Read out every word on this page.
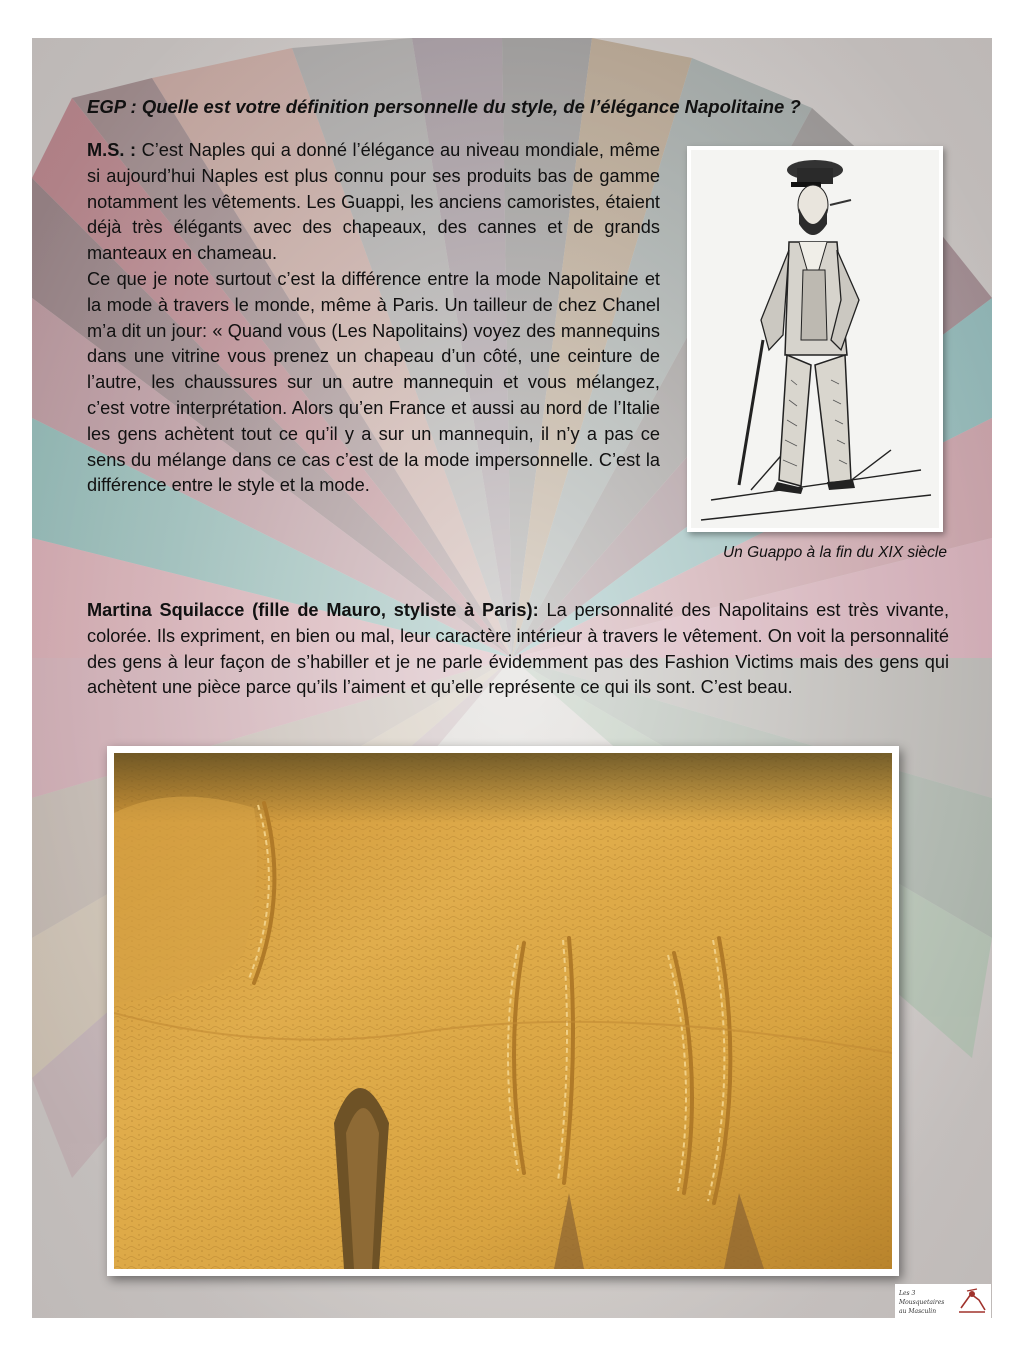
EGP : Quelle est votre définition personnelle du style, de l’élégance Napolitaine ?

M.S. : C’est Naples qui a donné l’élégance au niveau mondiale, même si aujourd’hui Naples est plus connu pour ses produits bas de gamme notamment les vêtements. Les Guappi, les anciens camoristes, étaient déjà très élégants avec des chapeaux, des cannes et de grands manteaux en chameau.

Ce que je note surtout c’est la différence entre la mode Napolitaine et la mode à travers le monde, même à Paris. Un tailleur de chez Chanel m’a dit un jour: « Quand vous (Les Napolitains) voyez des mannequins dans une vitrine vous prenez un chapeau d’un côté, une ceinture de l’autre, les chaussures sur un autre mannequin et vous mélangez, c’est votre interprétation. Alors qu’en France et aussi au nord de l’Italie les gens achètent tout ce qu’il y a sur un mannequin, il n’y a pas ce sens du mélange dans ce cas c’est de la mode impersonnelle. C’est la différence entre le style et la mode.

Un Guappo à la fin du XIX siècle

Martina Squilacce (fille de Mauro, styliste à Paris): La personnalité des Napolitains est très vivante, colorée. Ils expriment, en bien ou mal, leur caractère intérieur à travers le vêtement. On voit la personnalité des gens à leur façon de s’habiller et je ne parle évidemment pas des Fashion Victims mais des gens qui achètent une pièce parce qu’ils l’aiment et qu’elle représente ce qui ils sont. C’est beau.

Les 3 Mousquetaires
au Masculin
